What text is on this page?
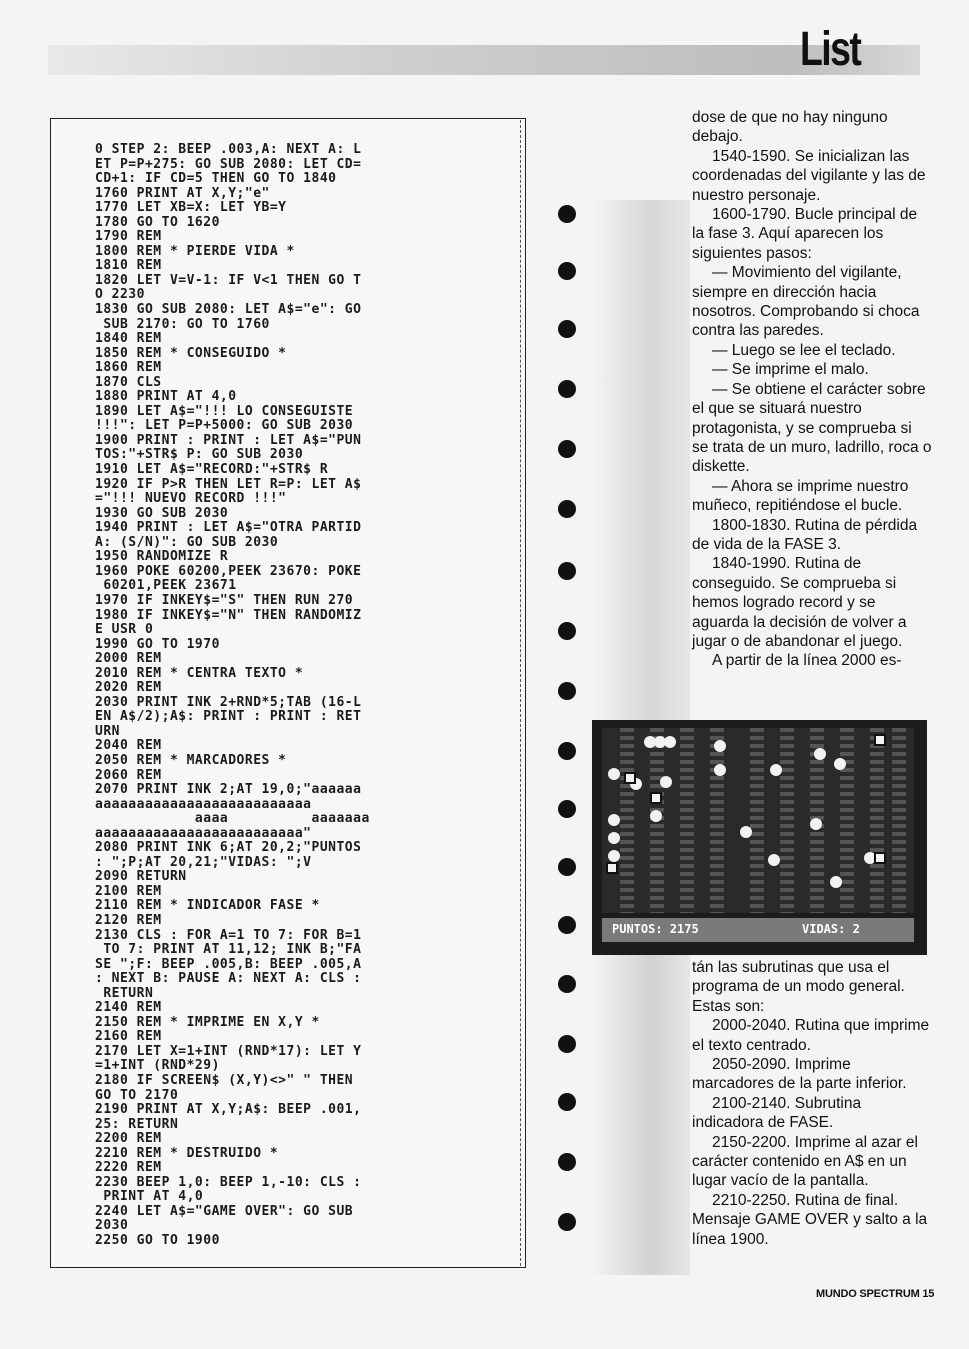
List
0 STEP 2: BEEP .003,A: NEXT A: L
ET P=P+275: GO SUB 2080: LET CD=
CD+1: IF CD=5 THEN GO TO 1840
1760 PRINT AT X,Y;"e"
1770 LET XB=X: LET YB=Y
1780 GO TO 1620
1790 REM
1800 REM * PIERDE VIDA *
1810 REM
1820 LET V=V-1: IF V<1 THEN GO T
O 2230
1830 GO SUB 2080: LET A$="e": GO
SUB 2170: GO TO 1760
1840 REM
1850 REM * CONSEGUIDO *
1860 REM
1870 CLS
1880 PRINT AT 4,0
1890 LET A$="!!! LO CONSEGUISTE
!!!": LET P=P+5000: GO SUB 2030
1900 PRINT : PRINT : LET A$="PUN
TOS:"+STR$ P: GO SUB 2030
1910 LET A$="RECORD:"+STR$ R
1920 IF P>R THEN LET R=P: LET A$
="!!! NUEVO RECORD !!!"
1930 GO SUB 2030
1940 PRINT : LET A$="OTRA PARTID
A: (S/N)": GO SUB 2030
1950 RANDOMIZE R
1960 POKE 60200,PEEK 23670: POKE
60201,PEEK 23671
1970 IF INKEY$="S" THEN RUN 270
1980 IF INKEY$="N" THEN RANDOMIZ
E USR 0
1990 GO TO 1970
2000 REM
2010 REM * CENTRA TEXTO *
2020 REM
2030 PRINT INK 2+RND*5;TAB (16-L
EN A$/2);A$: PRINT : PRINT : RET
URN
2040 REM
2050 REM * MARCADORES *
2060 REM
2070 PRINT INK 2;AT 19,0;"aaaaaa
aaaaaaaaaaaaaaaaaaaaaaaaaa
aaaa          aaaaaaa
aaaaaaaaaaaaaaaaaaaaaaaaa"
2080 PRINT INK 6;AT 20,2;"PUNTOS
: ";P;AT 20,21;"VIDAS: ";V
2090 RETURN
2100 REM
2110 REM * INDICADOR FASE *
2120 REM
2130 CLS : FOR A=1 TO 7: FOR B=1
TO 7: PRINT AT 11,12; INK B;"FA
SE ";F: BEEP .005,B: BEEP .005,A
: NEXT B: PAUSE A: NEXT A: CLS :
RETURN
2140 REM
2150 REM * IMPRIME EN X,Y *
2160 REM
2170 LET X=1+INT (RND*17): LET Y
=1+INT (RND*29)
2180 IF SCREEN$ (X,Y)<>" " THEN
GO TO 2170
2190 PRINT AT X,Y;A$: BEEP .001,
25: RETURN
2200 REM
2210 REM * DESTRUIDO *
2220 REM
2230 BEEP 1,0: BEEP 1,-10: CLS :
PRINT AT 4,0
2240 LET A$="GAME OVER": GO SUB
2030
2250 GO TO 1900

dose de que no hay ninguno debajo.

1540-1590. Se inicializan las coordenadas del vigilante y las de nuestro personaje.

1600-1790. Bucle principal de la fase 3. Aquí aparecen los siguientes pasos:

— Movimiento del vigilante, siempre en dirección hacia nosotros. Comprobando si choca contra las paredes.

— Luego se lee el teclado.

— Se imprime el malo.

— Se obtiene el carácter sobre el que se situará nuestro protagonista, y se comprueba si se trata de un muro, ladrillo, roca o diskette.

— Ahora se imprime nuestro muñeco, repitiéndose el bucle.

1800-1830. Rutina de pérdida de vida de la FASE 3.

1840-1990. Rutina de conseguido. Se comprueba si hemos logrado record y se aguarda la decisión de volver a jugar o de abandonar el juego.

A partir de la línea 2000 es-

PUNTOS: 2175	VIDAS: 2

tán las subrutinas que usa el programa de un modo general. Estas son:

2000-2040. Rutina que imprime el texto centrado.

2050-2090. Imprime marcadores de la parte inferior.

2100-2140. Subrutina indicadora de FASE.

2150-2200. Imprime al azar el carácter contenido en A$ en un lugar vacío de la pantalla.

2210-2250. Rutina de final. Mensaje GAME OVER y salto a la línea 1900.

MUNDO SPECTRUM 15
